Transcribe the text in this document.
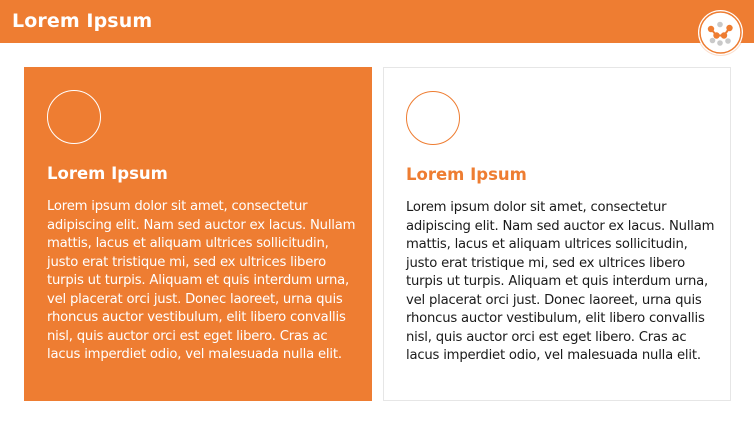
Lorem Ipsum
Lorem Ipsum
Lorem ipsum dolor sit amet, consectetur adipiscing elit. Nam sed auctor ex lacus. Nullam mattis, lacus et aliquam ultrices sollicitudin, justo erat tristique mi, sed ex ultrices libero turpis ut turpis. Aliquam et quis interdum urna, vel placerat orci just. Donec laoreet, urna quis rhoncus auctor vestibulum, elit libero convallis nisl, quis auctor orci est eget libero. Cras ac lacus imperdiet odio, vel malesuada nulla elit.
Lorem Ipsum
Lorem ipsum dolor sit amet, consectetur adipiscing elit. Nam sed auctor ex lacus. Nullam mattis, lacus et aliquam ultrices sollicitudin, justo erat tristique mi, sed ex ultrices libero turpis ut turpis. Aliquam et quis interdum urna, vel placerat orci just. Donec laoreet, urna quis rhoncus auctor vestibulum, elit libero convallis nisl, quis auctor orci est eget libero. Cras ac lacus imperdiet odio, vel malesuada nulla elit.
